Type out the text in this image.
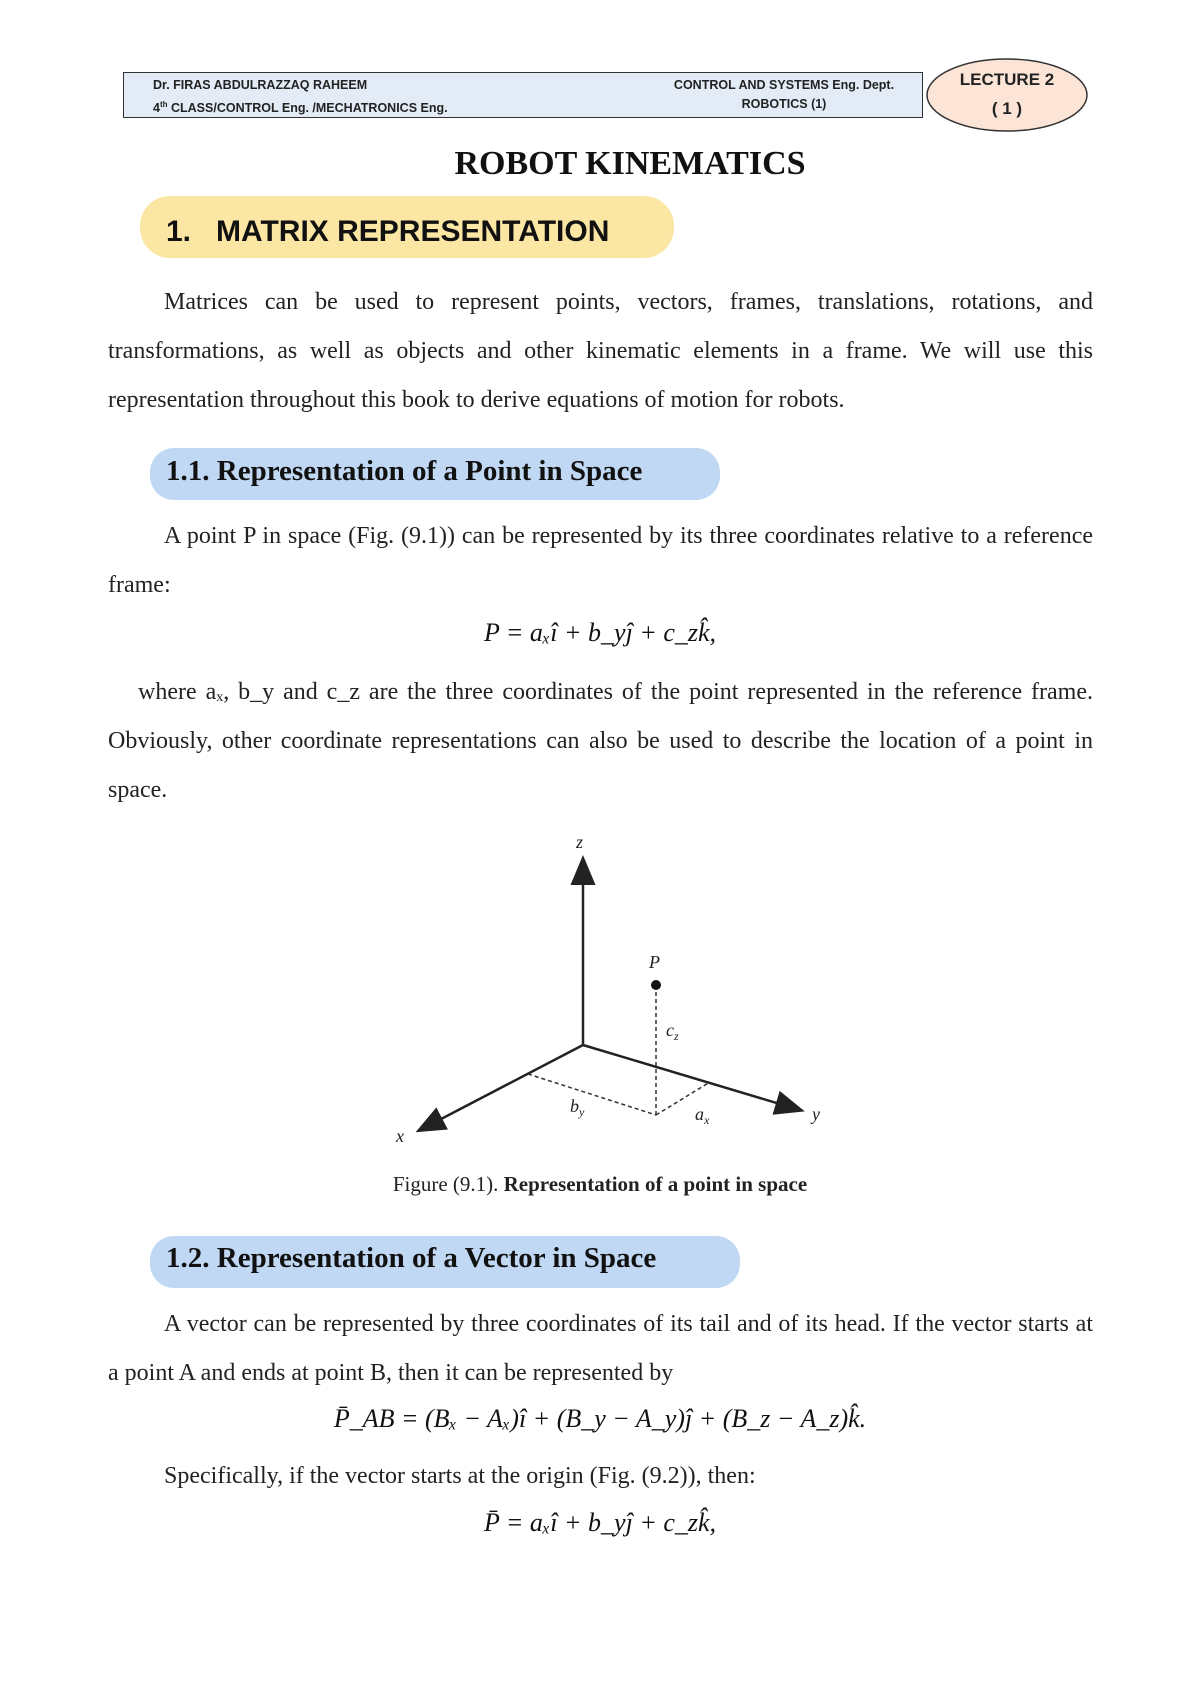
Dr. FIRAS ABDULRAZZAQ RAHEEM
4th CLASS/CONTROL Eng. /MECHATRONICS Eng.
CONTROL AND SYSTEMS Eng. Dept.
ROBOTICS (1)
LECTURE 2
( 1 )
ROBOT KINEMATICS
1.   MATRIX REPRESENTATION
Matrices can be used to represent points, vectors, frames, translations, rotations, and transformations, as well as objects and other kinematic elements in a frame. We will use this representation throughout this book to derive equations of motion for robots.
1.1. Representation of a Point in Space
A point P in space (Fig. (9.1)) can be represented by its three coordinates relative to a reference frame:
P = aₓî + b_yĵ + c_zk̂,
where aₓ, b_y and c_z are the three coordinates of the point represented in the reference frame. Obviously, other coordinate representations can also be used to describe the location of a point in space.
z
P
$c_z$
$b_y$	$a_x$
x
y
Figure (9.1). Representation of a point in space
1.2. Representation of a Vector in Space
A vector can be represented by three coordinates of its tail and of its head. If the vector starts at a point A and ends at point B, then it can be represented by
P̄_AB = (Bₓ − Aₓ)î + (B_y − A_y)ĵ + (B_z − A_z)k̂.
Specifically, if the vector starts at the origin (Fig. (9.2)), then:
P̄ = aₓî + b_yĵ + c_zk̂,
